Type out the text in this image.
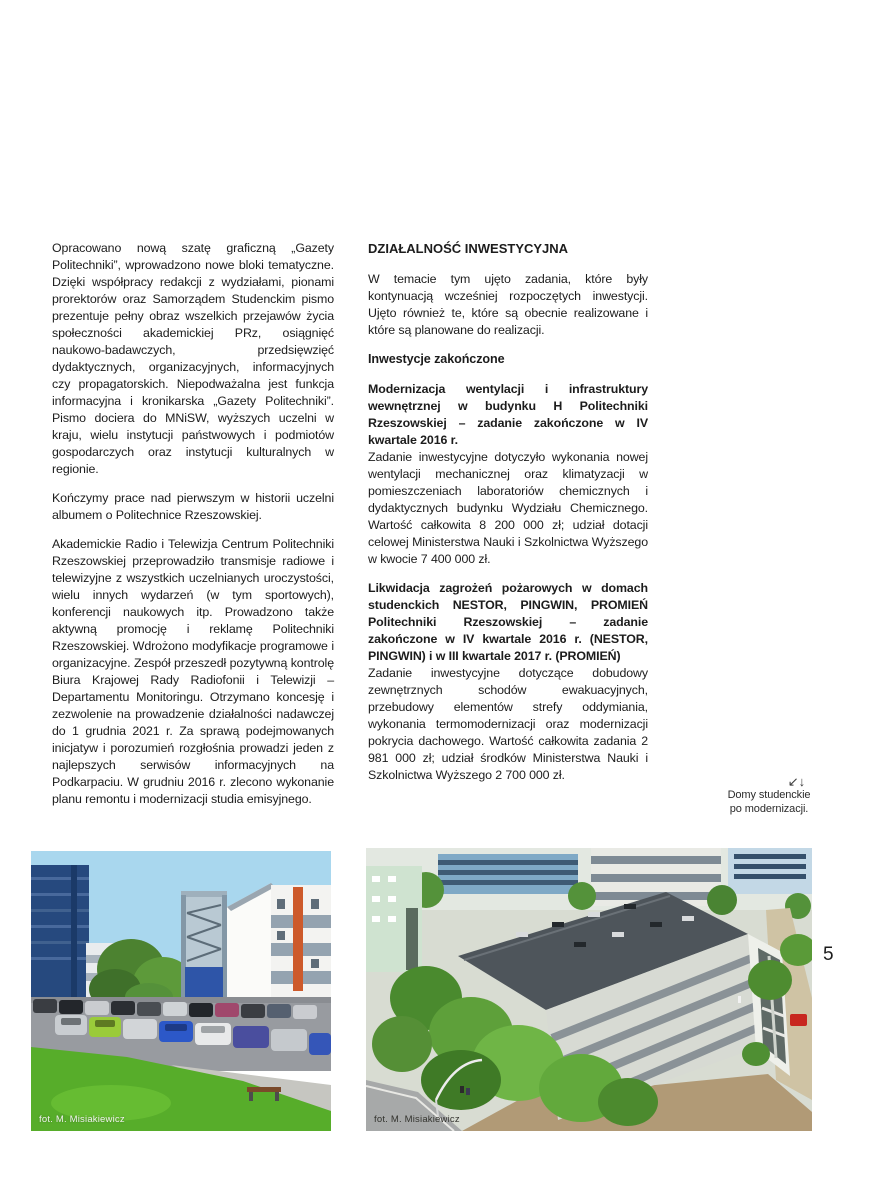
Opracowano nową szatę graficzną „Gazety Politechniki”, wprowadzono nowe bloki tematyczne. Dzięki współpracy redakcji z wydziałami, pionami prorektorów oraz Samorządem Studenckim pismo prezentuje pełny obraz wszelkich przejawów życia społeczności akademickiej PRz, osiągnięć naukowo-badawczych, przedsięwzięć dydaktycznych, organizacyjnych, informacyjnych czy propagatorskich. Niepodważalna jest funkcja informacyjna i kronikarska „Gazety Politechniki”. Pismo dociera do MNiSW, wyższych uczelni w kraju, wielu instytucji państwowych i podmiotów gospodarczych oraz instytucji kulturalnych w regionie.

Kończymy prace nad pierwszym w historii uczelni albumem o Politechnice Rzeszowskiej.

Akademickie Radio i Telewizja Centrum Politechniki Rzeszowskiej przeprowadziło transmisje radiowe i telewizyjne z wszystkich uczelnianych uroczystości, wielu innych wydarzeń (w tym sportowych), konferencji naukowych itp. Prowadzono także aktywną promocję i reklamę Politechniki Rzeszowskiej. Wdrożono modyfikacje programowe i organizacyjne. Zespół przeszedł pozytywną kontrolę Biura Krajowej Rady Radiofonii i Telewizji – Departamentu Monitoringu. Otrzymano koncesję i zezwolenie na prowadzenie działalności nadawczej do 1 grudnia 2021 r. Za sprawą podejmowanych inicjatyw i porozumień rozgłośnia prowadzi jeden z najlepszych serwisów informacyjnych na Podkarpaciu. W grudniu 2016 r. zlecono wykonanie planu remontu i modernizacji studia emisyjnego.

DZIAŁALNOŚĆ INWESTYCYJNA

W temacie tym ujęto zadania, które były kontynuacją wcześniej rozpoczętych inwestycji. Ujęto również te, które są obecnie realizowane i które są planowane do realizacji.

Inwestycje zakończone

Modernizacja wentylacji i infrastruktury wewnętrznej w budynku H Politechniki Rzeszowskiej – zadanie zakończone w IV kwartale 2016 r.

Zadanie inwestycyjne dotyczyło wykonania nowej wentylacji mechanicznej oraz klimatyzacji w pomieszczeniach laboratoriów chemicznych i dydaktycznych budynku Wydziału Chemicznego. Wartość całkowita 8 200 000 zł; udział dotacji celowej Ministerstwa Nauki i Szkolnictwa Wyższego w kwocie 7 400 000 zł.

Likwidacja zagrożeń pożarowych w domach studenckich NESTOR, PINGWIN, PROMIEŃ Politechniki Rzeszowskiej – zadanie zakończone w IV kwartale 2016 r. (NESTOR, PINGWIN) i w III kwartale 2017 r. (PROMIEŃ)

Zadanie inwestycyjne dotyczące dobudowy zewnętrznych schodów ewakuacyjnych, przebudowy elementów strefy oddymiania, wykonania termomodernizacji oraz modernizacji pokrycia dachowego. Wartość całkowita zadania 2 981 000 zł; udział środków Ministerstwa Nauki i Szkolnictwa Wyższego 2 700 000 zł.	↙↓
Domy studenckie
po modernizacji.
5
fot. M. Misiakiewicz	fot. M. Misiakiewicz
